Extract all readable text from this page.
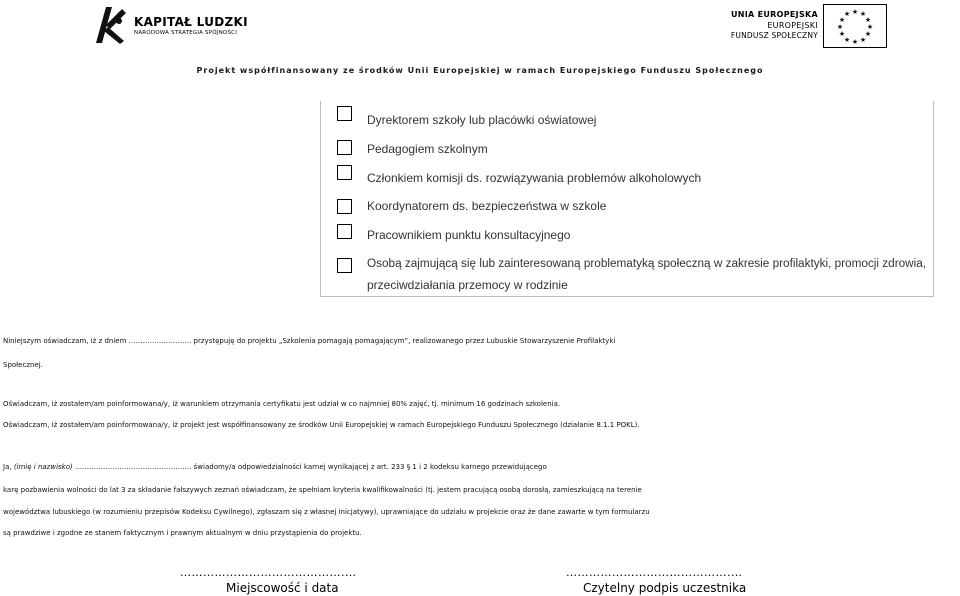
KAPITAŁ LUDZKI
NARODOWA STRATEGIA SPÓJNOŚCI
UNIA EUROPEJSKA
EUROPEJSKI
FUNDUSZ SPOŁECZNY
★ ★
★
★
★
★
★
★
★
★
★
★
Projekt współfinansowany ze środków Unii Europejskiej w ramach Europejskiego Funduszu Społecznego
Dyrektorem szkoły lub placówki oświatowej
Pedagogiem szkolnym
Członkiem komisji ds. rozwiązywania problemów alkoholowych
Koordynatorem ds. bezpieczeństwa w szkole
Pracownikiem punktu konsultacyjnego
Osobą zajmującą się lub zainteresowaną problematyką społeczną w zakresie profilaktyki, promocji zdrowia,
przeciwdziałania przemocy w rodzinie
Niniejszym oświadczam, iż z dniem ………………..……. przystępuję do projektu „Szkolenia pomagają pomagającym”, realizowanego przez Lubuskie Stowarzyszenie Profilaktyki
Społecznej.
Oświadczam, iż zostałem/am poinformowana/y, iż warunkiem otrzymania certyfikatu jest udział w co najmniej 80% zajęć, tj. minimum 16 godzinach szkolenia.
Oświadczam, iż zostałem/am poinformowana/y, iż projekt jest współfinansowany ze środków Unii Europejskiej w ramach Europejskiego Funduszu Społecznego (działanie 8.1.1 POKL).
Ja, (imię i nazwisko) ………………………………………….. świadomy/a odpowiedzialności karnej wynikającej z art. 233 § 1 i 2 kodeksu karnego przewidującego
karę pozbawienia wolności do lat 3 za składanie fałszywych zeznań oświadczam, że spełniam kryteria kwalifikowalności (tj. jestem pracującą osobą dorosłą, zamieszkującą na terenie
województwa lubuskiego (w rozumieniu przepisów Kodeksu Cywilnego), zgłaszam się z własnej inicjatywy), uprawniające do udziału w projekcie oraz że dane zawarte w tym formularzu
są prawdziwe i zgodne ze stanem faktycznym i prawnym aktualnym w dniu przystąpienia do projektu.
…………………………………….…
Miejscowość i data
…………………………………….…
Czytelny podpis uczestnika
